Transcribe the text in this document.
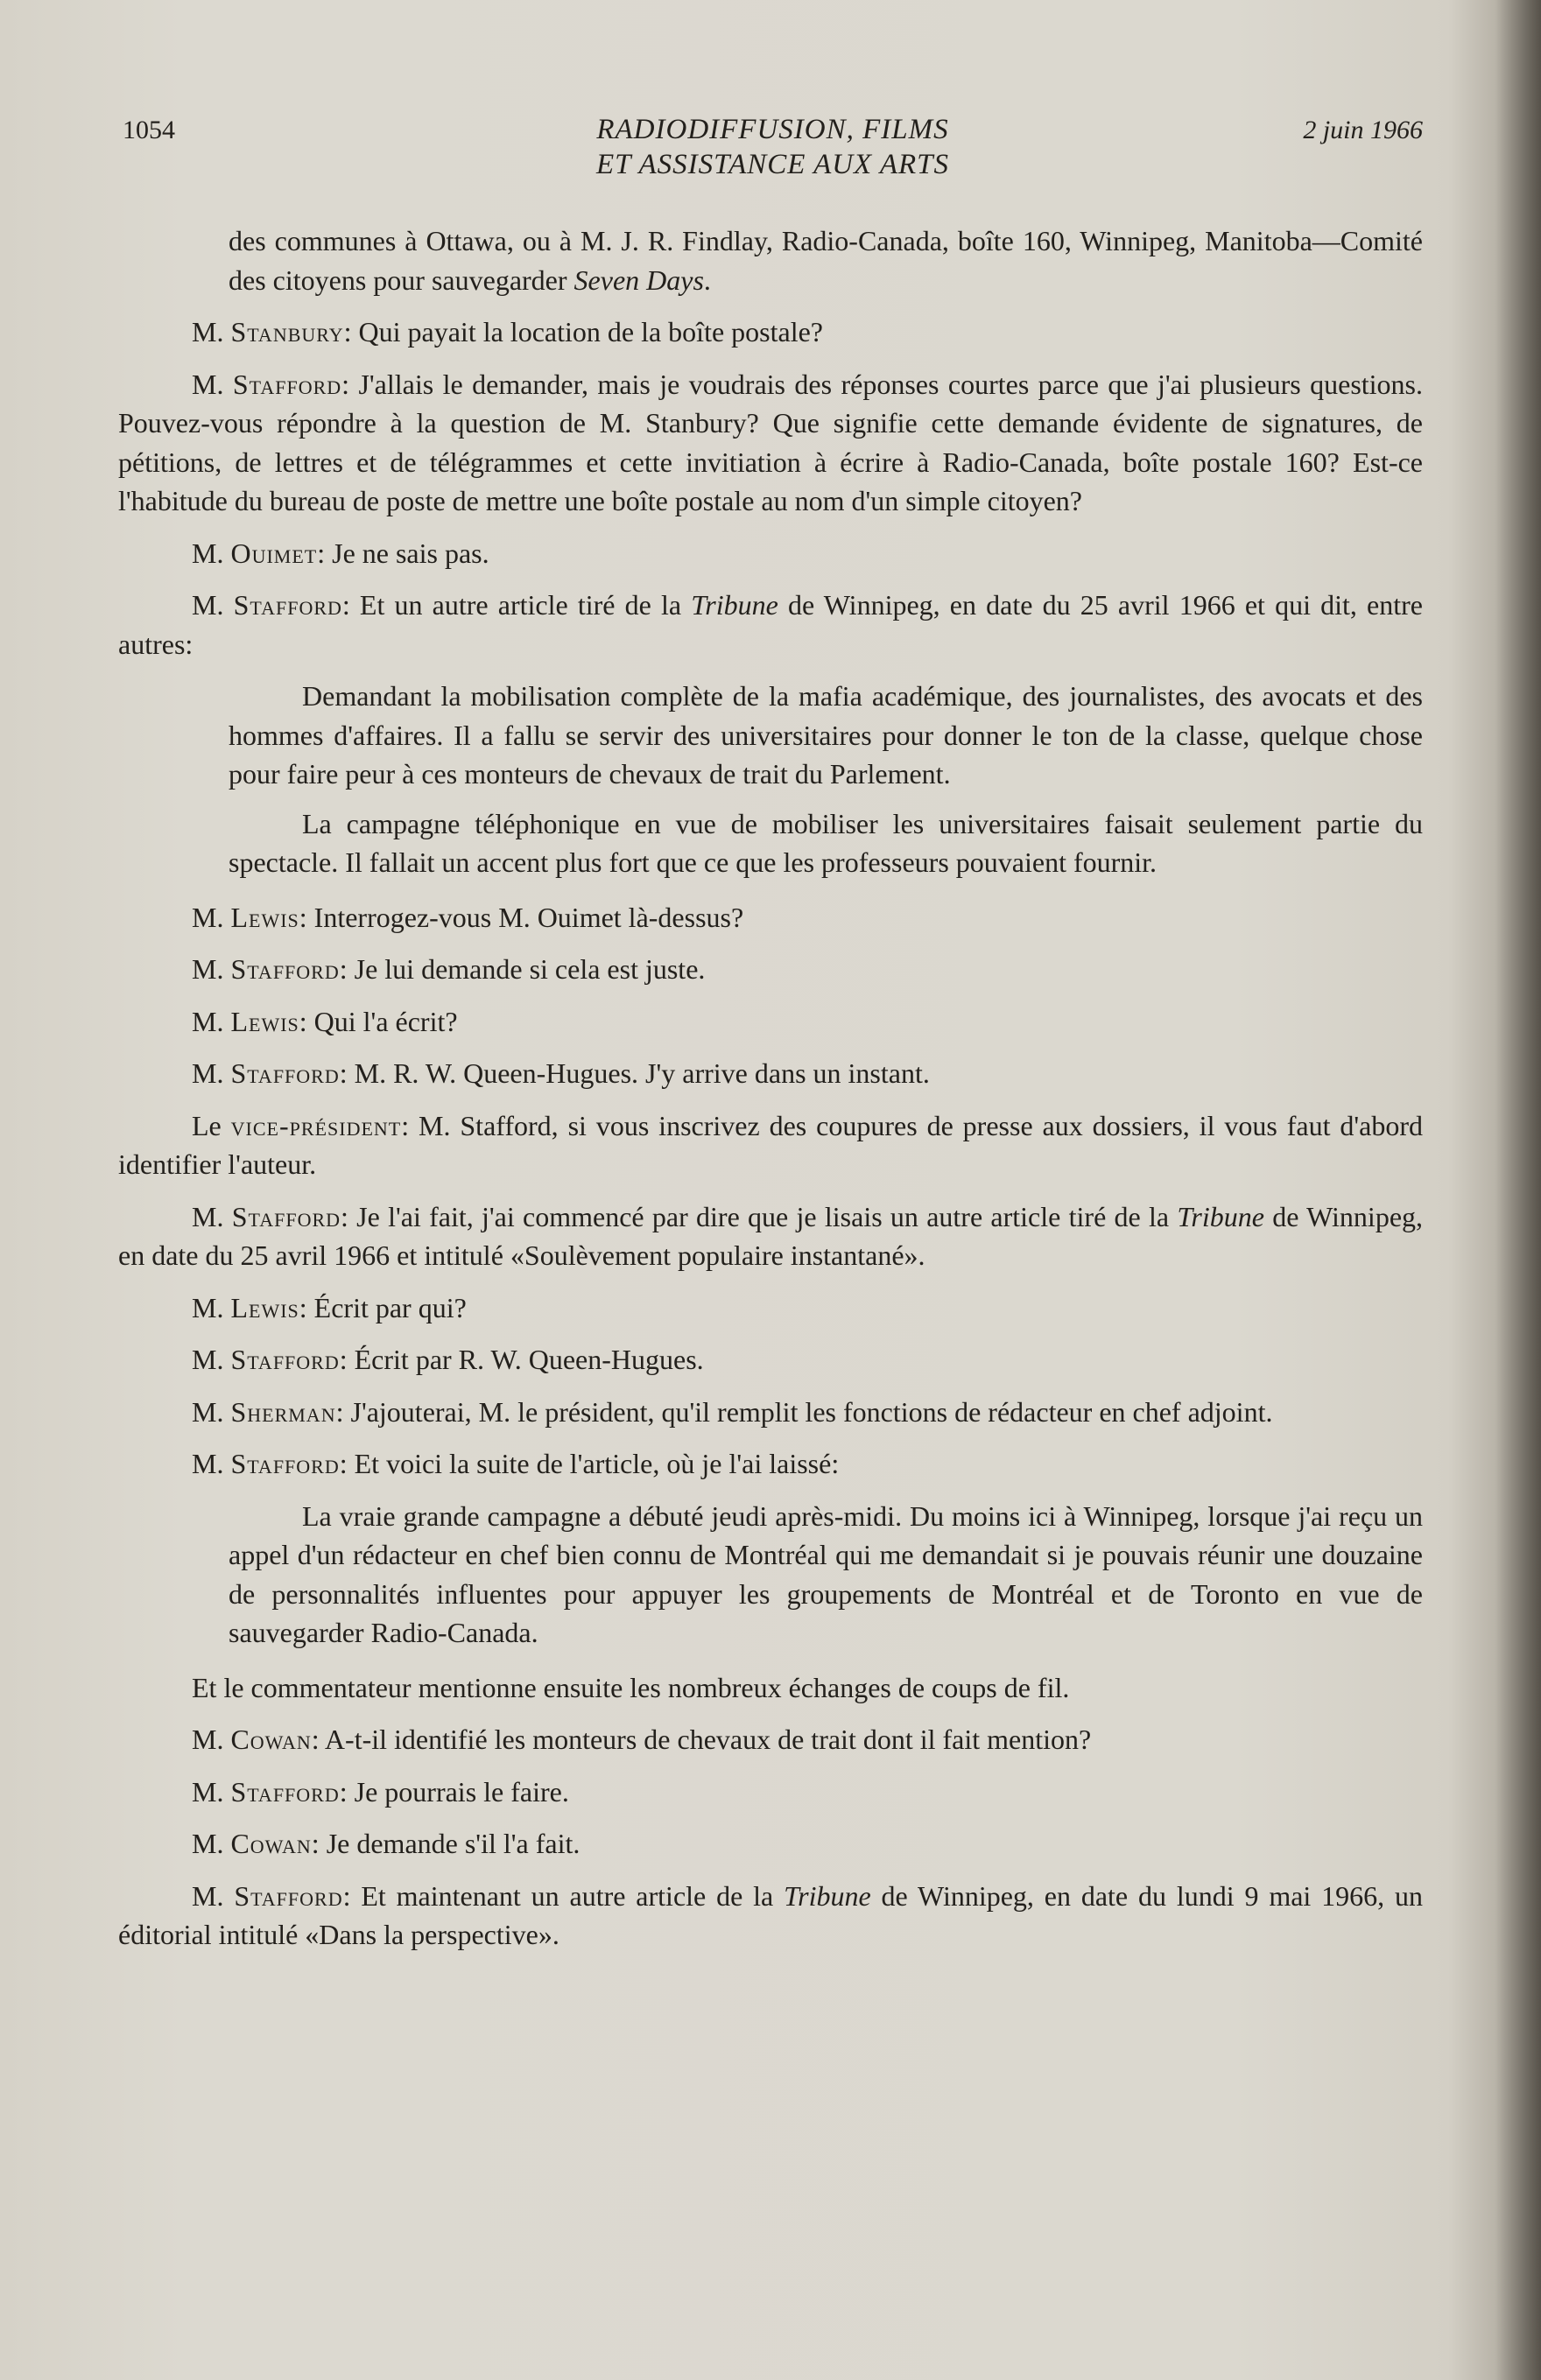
1054	RADIODIFFUSION, FILMS
ET ASSISTANCE AUX ARTS
2 juin 1966

des communes à Ottawa, ou à M. J. R. Findlay, Radio-Canada, boîte 160, Winnipeg, Manitoba—Comité des citoyens pour sauvegarder Seven Days.

M. Stanbury: Qui payait la location de la boîte postale?

M. Stafford: J'allais le demander, mais je voudrais des réponses courtes parce que j'ai plusieurs questions. Pouvez-vous répondre à la question de M. Stanbury? Que signifie cette demande évidente de signatures, de pétitions, de lettres et de télégrammes et cette invitiation à écrire à Radio-Canada, boîte postale 160? Est-ce l'habitude du bureau de poste de mettre une boîte postale au nom d'un simple citoyen?

M. Ouimet: Je ne sais pas.

M. Stafford: Et un autre article tiré de la Tribune de Winnipeg, en date du 25 avril 1966 et qui dit, entre autres:

Demandant la mobilisation complète de la mafia académique, des journalistes, des avocats et des hommes d'affaires. Il a fallu se servir des universitaires pour donner le ton de la classe, quelque chose pour faire peur à ces monteurs de chevaux de trait du Parlement.

La campagne téléphonique en vue de mobiliser les universitaires faisait seulement partie du spectacle. Il fallait un accent plus fort que ce que les professeurs pouvaient fournir.

M. Lewis: Interrogez-vous M. Ouimet là-dessus?

M. Stafford: Je lui demande si cela est juste.

M. Lewis: Qui l'a écrit?

M. Stafford: M. R. W. Queen-Hugues. J'y arrive dans un instant.

Le vice-président: M. Stafford, si vous inscrivez des coupures de presse aux dossiers, il vous faut d'abord identifier l'auteur.

M. Stafford: Je l'ai fait, j'ai commencé par dire que je lisais un autre article tiré de la Tribune de Winnipeg, en date du 25 avril 1966 et intitulé «Soulèvement populaire instantané».

M. Lewis: Écrit par qui?

M. Stafford: Écrit par R. W. Queen-Hugues.

M. Sherman: J'ajouterai, M. le président, qu'il remplit les fonctions de rédacteur en chef adjoint.

M. Stafford: Et voici la suite de l'article, où je l'ai laissé:

La vraie grande campagne a débuté jeudi après-midi. Du moins ici à Winnipeg, lorsque j'ai reçu un appel d'un rédacteur en chef bien connu de Montréal qui me demandait si je pouvais réunir une douzaine de personnalités influentes pour appuyer les groupements de Montréal et de Toronto en vue de sauvegarder Radio-Canada.

Et le commentateur mentionne ensuite les nombreux échanges de coups de fil.

M. Cowan: A-t-il identifié les monteurs de chevaux de trait dont il fait mention?

M. Stafford: Je pourrais le faire.

M. Cowan: Je demande s'il l'a fait.

M. Stafford: Et maintenant un autre article de la Tribune de Winnipeg, en date du lundi 9 mai 1966, un éditorial intitulé «Dans la perspective».
